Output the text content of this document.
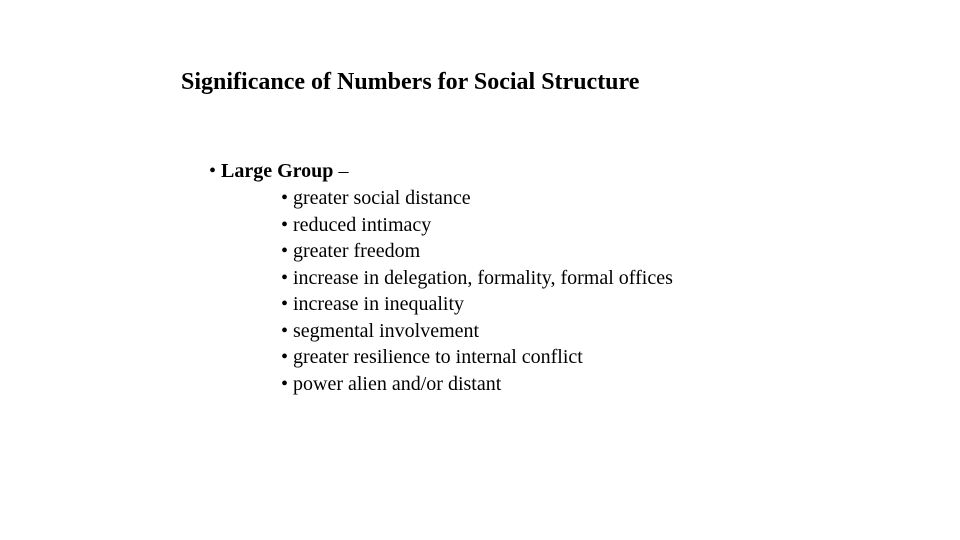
Significance of Numbers for Social Structure
• Large Group –
• greater social distance
• reduced intimacy
• greater freedom
• increase in delegation, formality, formal offices
• increase in inequality
• segmental involvement
• greater resilience to internal conflict
• power alien and/or distant
